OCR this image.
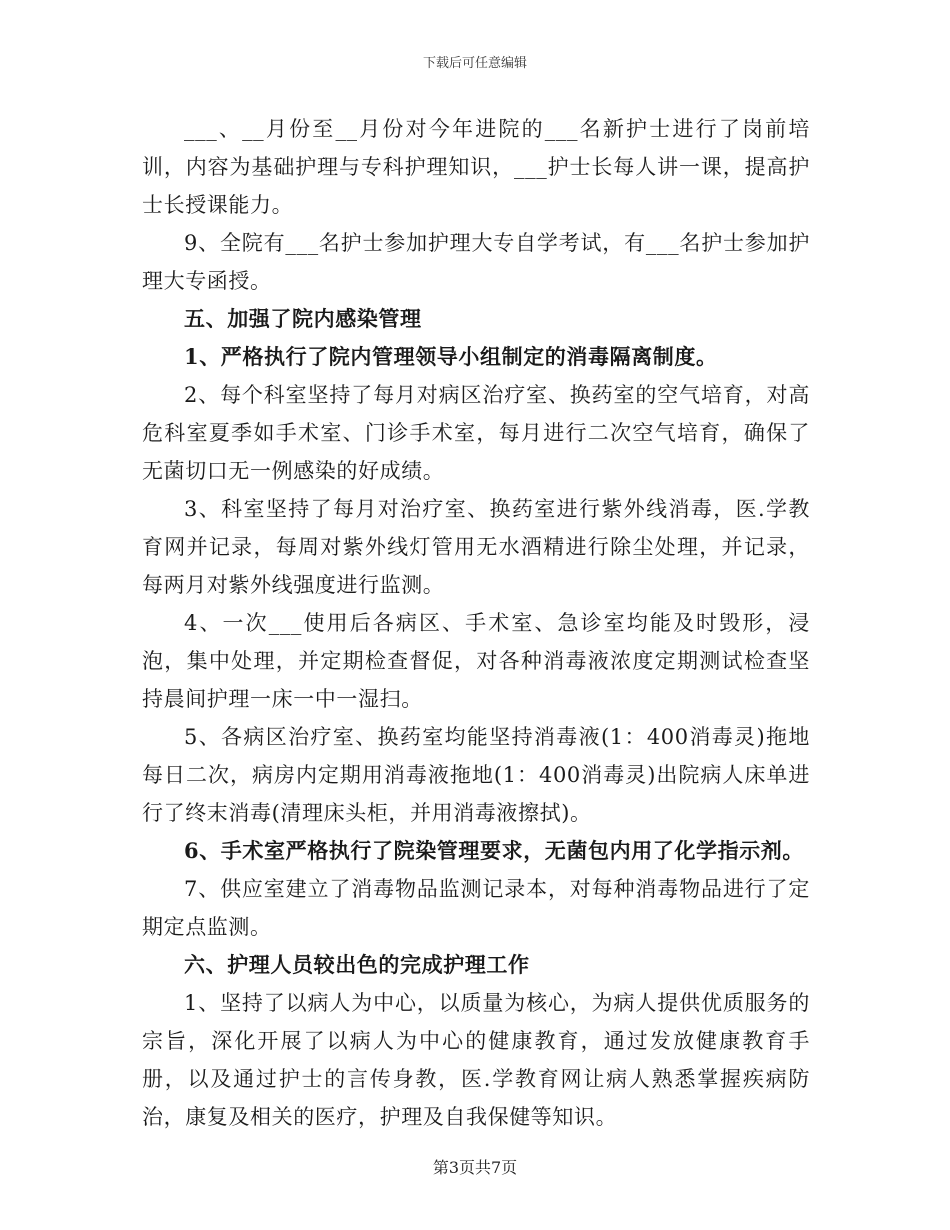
下载后可任意编辑

___、__月份至__月份对今年进院的___名新护士进行了岗前培训，内容为基础护理与专科护理知识，___护士长每人讲一课，提高护士长授课能力。

9、全院有___名护士参加护理大专自学考试，有___名护士参加护理大专函授。

五、加强了院内感染管理

1、严格执行了院内管理领导小组制定的消毒隔离制度。

2、每个科室坚持了每月对病区治疗室、换药室的空气培育，对高危科室夏季如手术室、门诊手术室，每月进行二次空气培育，确保了无菌切口无一例感染的好成绩。

3、科室坚持了每月对治疗室、换药室进行紫外线消毒，医.学教育网并记录，每周对紫外线灯管用无水酒精进行除尘处理，并记录，每两月对紫外线强度进行监测。

4、一次___使用后各病区、手术室、急诊室均能及时毁形，浸泡，集中处理，并定期检查督促，对各种消毒液浓度定期测试检查坚持晨间护理一床一中一湿扫。

5、各病区治疗室、换药室均能坚持消毒液(1：400消毒灵)拖地每日二次，病房内定期用消毒液拖地(1：400消毒灵)出院病人床单进行了终末消毒(清理床头柜，并用消毒液擦拭)。

6、手术室严格执行了院染管理要求，无菌包内用了化学指示剂。

7、供应室建立了消毒物品监测记录本，对每种消毒物品进行了定期定点监测。

六、护理人员较出色的完成护理工作

1、坚持了以病人为中心，以质量为核心，为病人提供优质服务的宗旨，深化开展了以病人为中心的健康教育，通过发放健康教育手册，以及通过护士的言传身教，医.学教育网让病人熟悉掌握疾病防治，康复及相关的医疗，护理及自我保健等知识。

第3页共7页
